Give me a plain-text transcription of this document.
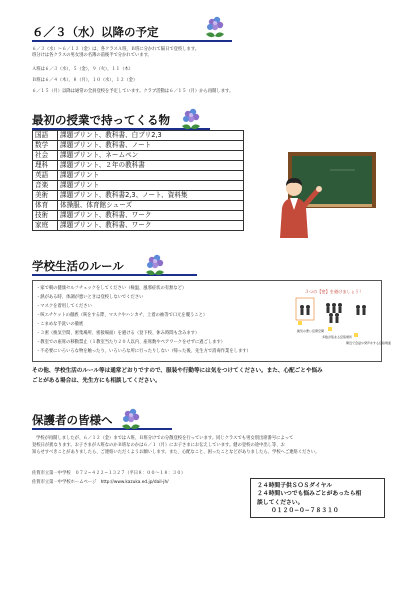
６／３（水）以降の予定
６／３（水）〜６／１２（金）は、各クラスＡ班，Ｂ班に分かれて隔日で登校します。
班分けは各クラスの男女別の名簿の前後半で分かれています。
Ａ班は６／３（水），５（金），９（火），１１（木）
Ｂ班は６／４（木），８（月），１０（水），１２（金）
６／１５（月）以降は通常の全員登校を予定しています。クラブ活動は６／１５（月）から再開します。
最初の授業で持ってくる物
国語	課題プリント、教科書、白ブリ2,3
数学	課題プリント、教科書、ノート
社会	課題プリント、ネームペン
理科	課題プリント、２年の教科書
英語	課題プリント
音楽	課題プリント
美術	課題プリント、教科書2,3、ノート、資料集
体育	体操服、体育館シューズ
技術	課題プリント、教科書、ワーク
家庭	課題プリント、教科書、ワーク
学校生活のルール
・家で朝の健康セルフチェックをしてください（検温、風邪症状の有無など）
・熱がある時、体調が悪いときは登校しないでください
・マスクを着用してください
・咳エチケットの徹底（咳をする際、マスクやハンカチ、上着の袖等で口元を覆うこと）
・こまめな手洗いの徹底
・３密（換気空間、密集場所、密接場面）を避ける（登下校、休み時間も含みます）
・教室での座席の移動禁止（１教室当たり２０人以内、座席数やペアワークをせずに過ごします）
・不必要にいろいろな物を触ったり、いろいろな所に行ったりしない（帰った後、先生方で消毒作業をします）
３つの【密】を避けましょう！
換気の悪い密閉空間
多数が集まる密集場所
間近で会話や発声をする密接場面
その他、学校生活のルール等は通常どおりですので、服装や行動等には気をつけてください。また、心配ごとや悩み
ごとがある場合は、先生方にも相談してください。
保護者の皆様へ
学校が再開しましたが、６／１２（金）まではＡ班、Ｂ班分けでの分散登校を行っています。同じクラスでも男女別出席番号によって
登校日が異なります。お子さまがＡ班なのかＢ班なのかは６／１（月）にお子さまにお伝えしています。健の登校の途中出し等、お
知らせすべきことがありましたら、ご連絡いただくようお願いします。また、心配なこと、困ったことなどがありましたら、学校へご連絡ください。
佐賀市立第一中学校　０７２−４２２−１３２７（平日８：００〜１８：３０）
佐賀市立第一中学校ホームページ　http://www.kazuka.ed.jp/daiⅠ-jh/
２４時間子供ＳＯＳダイヤル
２４時間いつでも悩みごとがあったら相
談してください。
０１２０−０−７８３１０
